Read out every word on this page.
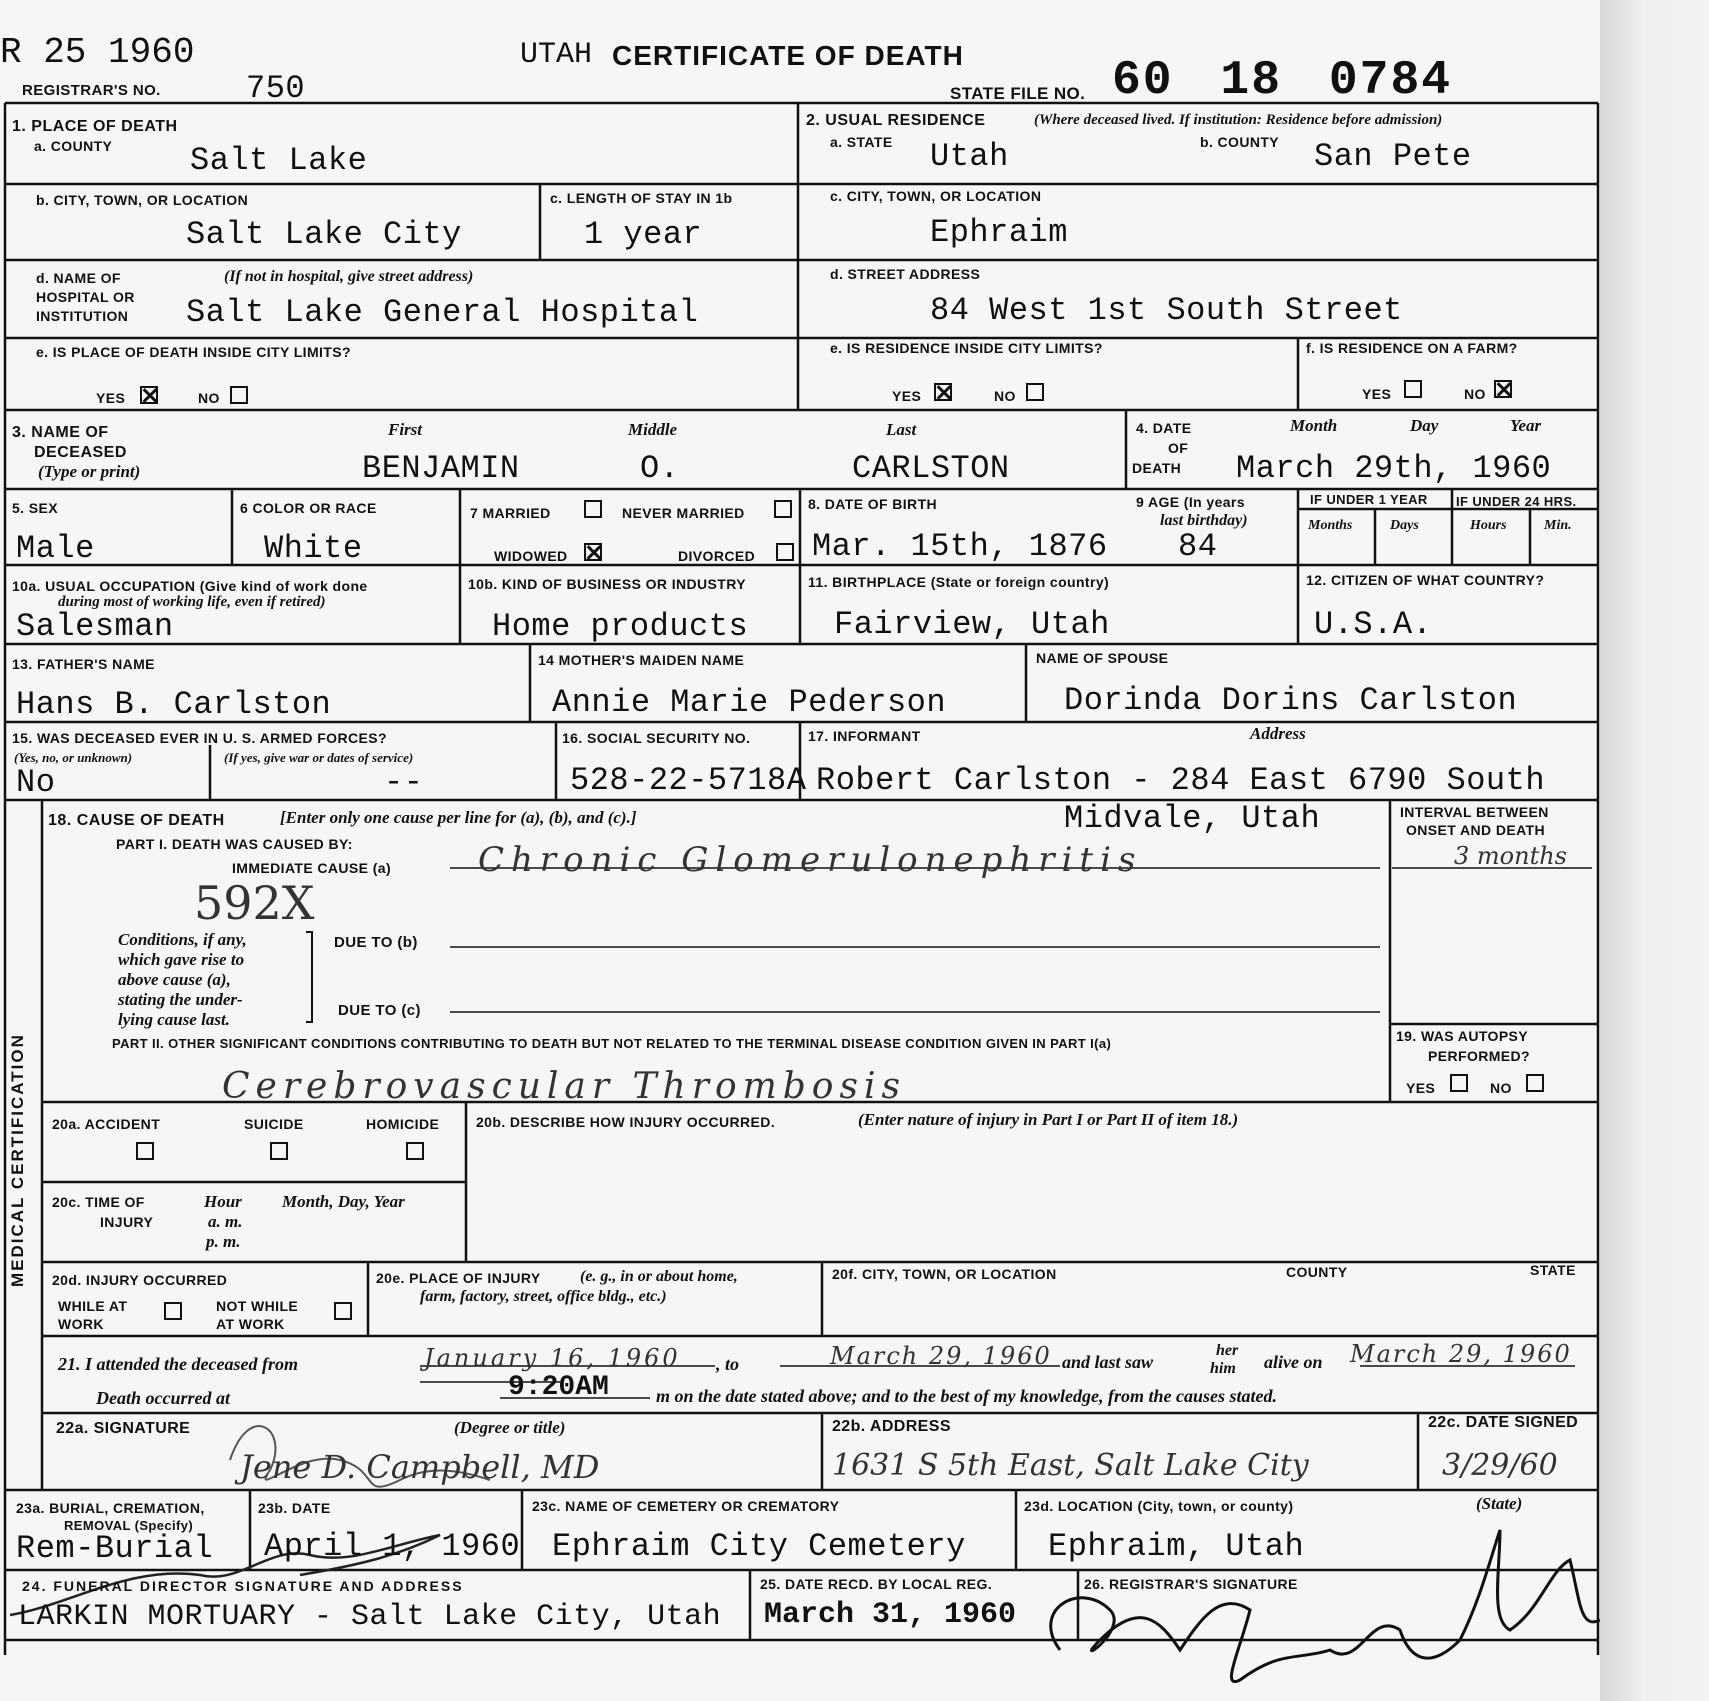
R 25 1960
REGISTRAR'S NO.	750
UTAH CERTIFICATE OF DEATH
STATE FILE NO. 60 18 0784
1. PLACE OF DEATH
a. COUNTY Salt Lake
b. CITY, TOWN, OR LOCATION
Salt Lake City
c. LENGTH OF STAY IN 1b
1 year
d. NAME OF
HOSPITAL OR
INSTITUTION
(If not in hospital, give street address)
Salt Lake General Hospital
e. IS PLACE OF DEATH INSIDE CITY LIMITS?
YES	NO
2. USUAL RESIDENCE	(Where deceased lived. If institution: Residence before admission)
a. STATE Utah	b. COUNTY San Pete
c. CITY, TOWN, OR LOCATION
Ephraim
d. STREET ADDRESS
84 West 1st South Street
e. IS RESIDENCE INSIDE CITY LIMITS?
YES	NO
f. IS RESIDENCE ON A FARM?
YES	NO
3. NAME OF
DECEASED
(Type or print)
First	Middle	Last
BENJAMIN	O.	CARLSTON
4. DATE
OF
DEATH
Month	Day	Year
March 29th, 1960
5. SEX
Male
6 COLOR OR RACE
White
7 MARRIED	NEVER MARRIED
WIDOWED	DIVORCED
8. DATE OF BIRTH
Mar. 15th, 1876
9 AGE (In years
last birthday)
84
IF UNDER 1 YEAR IF UNDER 24 HRS.
Months	Days	Hours	Min.
10a. USUAL OCCUPATION (Give kind of work done
during most of working life, even if retired)
Salesman
10b. KIND OF BUSINESS OR INDUSTRY
Home products
11. BIRTHPLACE (State or foreign country)
Fairview, Utah
12. CITIZEN OF WHAT COUNTRY?
U.S.A.
13. FATHER'S NAME
Hans B. Carlston
14 MOTHER'S MAIDEN NAME
Annie Marie Pederson
NAME OF SPOUSE
Dorinda Dorins Carlston
15. WAS DECEASED EVER IN U. S. ARMED FORCES?
(Yes, no, or unknown)	(If yes, give war or dates of service)
No	--
16. SOCIAL SECURITY NO.
528-22-5718A
17. INFORMANT	Address
Robert Carlston - 284 East 6790 South
MEDICAL CERTIFICATION
Midvale, Utah
18. CAUSE OF DEATH	[Enter only one cause per line for (a), (b), and (c).]
PART I. DEATH WAS CAUSED BY:
IMMEDIATE CAUSE (a)	Chronic Glomerulonephritis
592X
INTERVAL BETWEEN
ONSET AND DEATH
3 months
Conditions, if any,
which gave rise to
above cause (a),
stating the under-
lying cause last.
DUE TO (b)
DUE TO (c)
PART II. OTHER SIGNIFICANT CONDITIONS CONTRIBUTING TO DEATH BUT NOT RELATED TO THE TERMINAL DISEASE CONDITION GIVEN IN PART I(a)
Cerebrovascular Thrombosis
19. WAS AUTOPSY
PERFORMED?
YES	NO
20a. ACCIDENT	SUICIDE	HOMICIDE	20b. DESCRIBE HOW INJURY OCCURRED.	(Enter nature of injury in Part I or Part II of item 18.)
20c. TIME OF
INJURY
Hour
a. m.
p. m.
Month, Day, Year
20d. INJURY OCCURRED
WHILE AT
WORK
NOT WHILE
AT WORK
20e. PLACE OF INJURY (e. g., in or about home,
farm, factory, street, office bldg., etc.)
20f. CITY, TOWN, OR LOCATION	COUNTY	STATE
21. I attended the deceased from	January 16, 1960 , to	March 29, 1960 and last saw
her
him alive on March 29, 1960
Death occurred at	9:20AM	m on the date stated above; and to the best of my knowledge, from the causes stated.
22a. SIGNATURE	(Degree or title)
Jene D. Campbell, MD
22b. ADDRESS
1631 S 5th East, Salt Lake City
22c. DATE SIGNED
3/29/60
23a. BURIAL, CREMATION,
REMOVAL (Specify)
Rem-Burial
23b. DATE
April 1, 1960
23c. NAME OF CEMETERY OR CREMATORY
Ephraim City Cemetery
23d. LOCATION (City, town, or county)	(State)
Ephraim, Utah
24. FUNERAL DIRECTOR SIGNATURE AND ADDRESS
LARKIN MORTUARY - Salt Lake City, Utah
25. DATE RECD. BY LOCAL REG.
March 31, 1960
26. REGISTRAR'S SIGNATURE
